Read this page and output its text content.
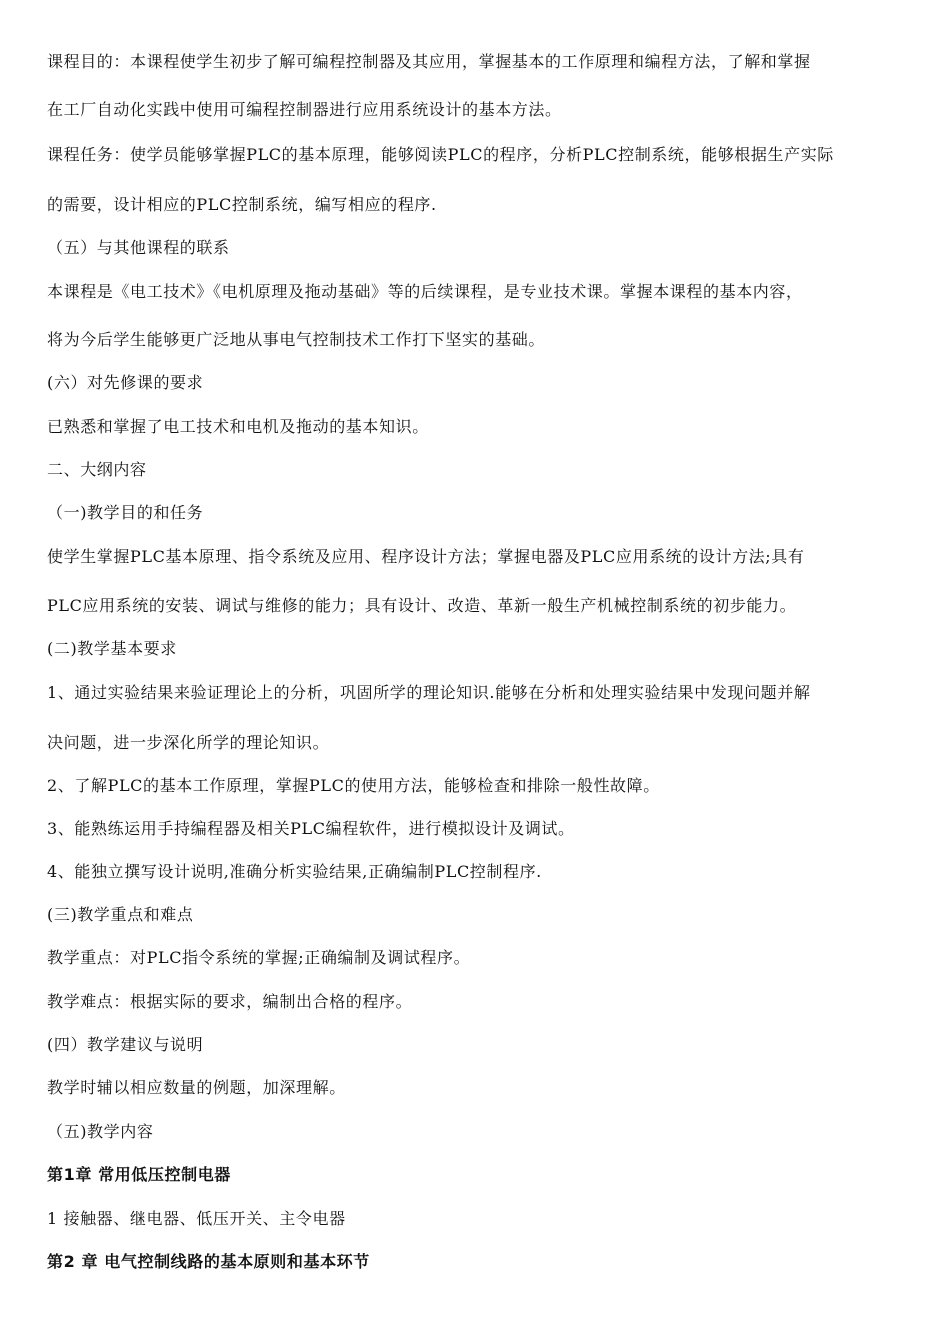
课程目的：本课程使学生初步了解可编程控制器及其应用，掌握基本的工作原理和编程方法，了解和掌握
在工厂自动化实践中使用可编程控制器进行应用系统设计的基本方法。
课程任务：使学员能够掌握PLC的基本原理，能够阅读PLC的程序，分析PLC控制系统，能够根据生产实际
的需要，设计相应的PLC控制系统，编写相应的程序.
（五）与其他课程的联系
本课程是《电工技术》《电机原理及拖动基础》等的后续课程，是专业技术课。掌握本课程的基本内容，
将为今后学生能够更广泛地从事电气控制技术工作打下坚实的基础。
(六）对先修课的要求
已熟悉和掌握了电工技术和电机及拖动的基本知识。
二、大纲内容
（一)教学目的和任务
使学生掌握PLC基本原理、指令系统及应用、程序设计方法；掌握电器及PLC应用系统的设计方法;具有
PLC应用系统的安装、调试与维修的能力；具有设计、改造、革新一般生产机械控制系统的初步能力。
(二)教学基本要求
1、通过实验结果来验证理论上的分析，巩固所学的理论知识.能够在分析和处理实验结果中发现问题并解
决问题，进一步深化所学的理论知识。
2、了解PLC的基本工作原理，掌握PLC的使用方法，能够检查和排除一般性故障。
3、能熟练运用手持编程器及相关PLC编程软件，进行模拟设计及调试。
4、能独立撰写设计说明,准确分析实验结果,正确编制PLC控制程序.
(三)教学重点和难点
教学重点：对PLC指令系统的掌握;正确编制及调试程序。
教学难点：根据实际的要求，编制出合格的程序。
(四）教学建议与说明
教学时辅以相应数量的例题，加深理解。
（五)教学内容
第1章 常用低压控制电器
1 接触器、继电器、低压开关、主令电器
第2 章 电气控制线路的基本原则和基本环节
